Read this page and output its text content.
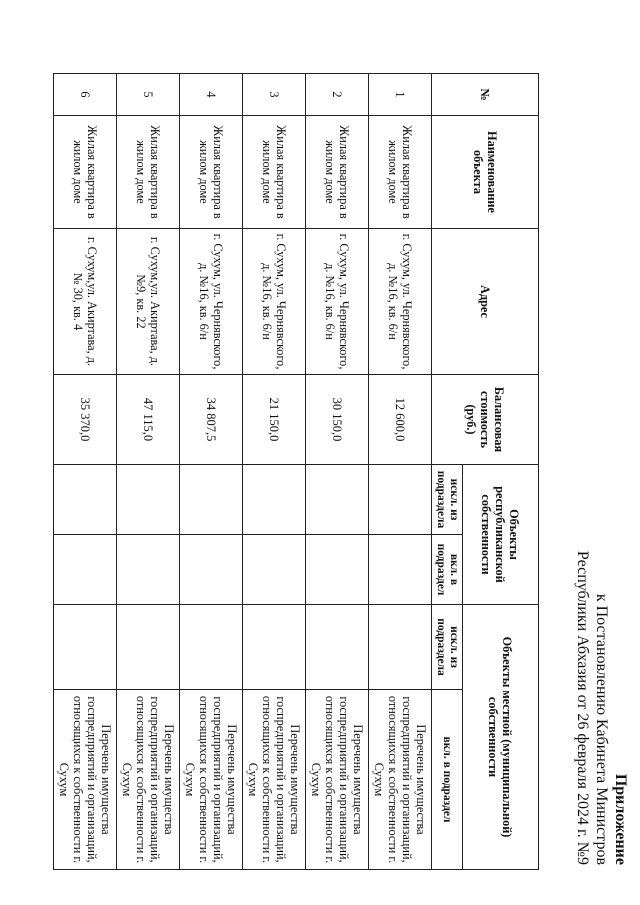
Приложение
к Постановлению Кабинета Министров
Республики Абхазия от 26 февраля 2024 г. №9
№	Наименование объекта	Адрес	Балансовая стоимость (руб.)	Объекты республиканской собственности		Объекты местной (муниципальной) собственности	
				искл. из подраздела	вкл. в подраздел	искл. из подраздела	вкл. в подраздел
1	Жилая квартира в жилом доме	г. Сухум, ул. Чернявского, д. №16, кв. 6/н	12 600,0				Перечень имущества госпредприятий и организаций, относящихся к собственности г. Сухум
2	Жилая квартира в жилом доме	г. Сухум, ул. Чернявского, д. №16, кв. 6/н	30 150,0				Перечень имущества госпредприятий и организаций, относящихся к собственности г. Сухум
3	Жилая квартира в жилом доме	г. Сухум, ул. Чернявского, д. №16, кв. 6/н	21 150,0				Перечень имущества госпредприятий и организаций, относящихся к собственности г. Сухум
4	Жилая квартира в жилом доме	г. Сухум, ул. Чернявского, д. №16, кв. 6/н	34 807,5				Перечень имущества госпредприятий и организаций, относящихся к собственности г. Сухум
5	Жилая квартира в жилом доме	г. Сухум,ул. Акиртава, д. №9, кв. 22	47 115,0				Перечень имущества госпредприятий и организаций, относящихся к собственности г. Сухум
6	Жилая квартира в жилом доме	г. Сухум,ул. Акиртава, д. № 30, кв. 4	35 370,0				Перечень имущества госпредприятий и организаций, относящихся к собственности г. Сухум
